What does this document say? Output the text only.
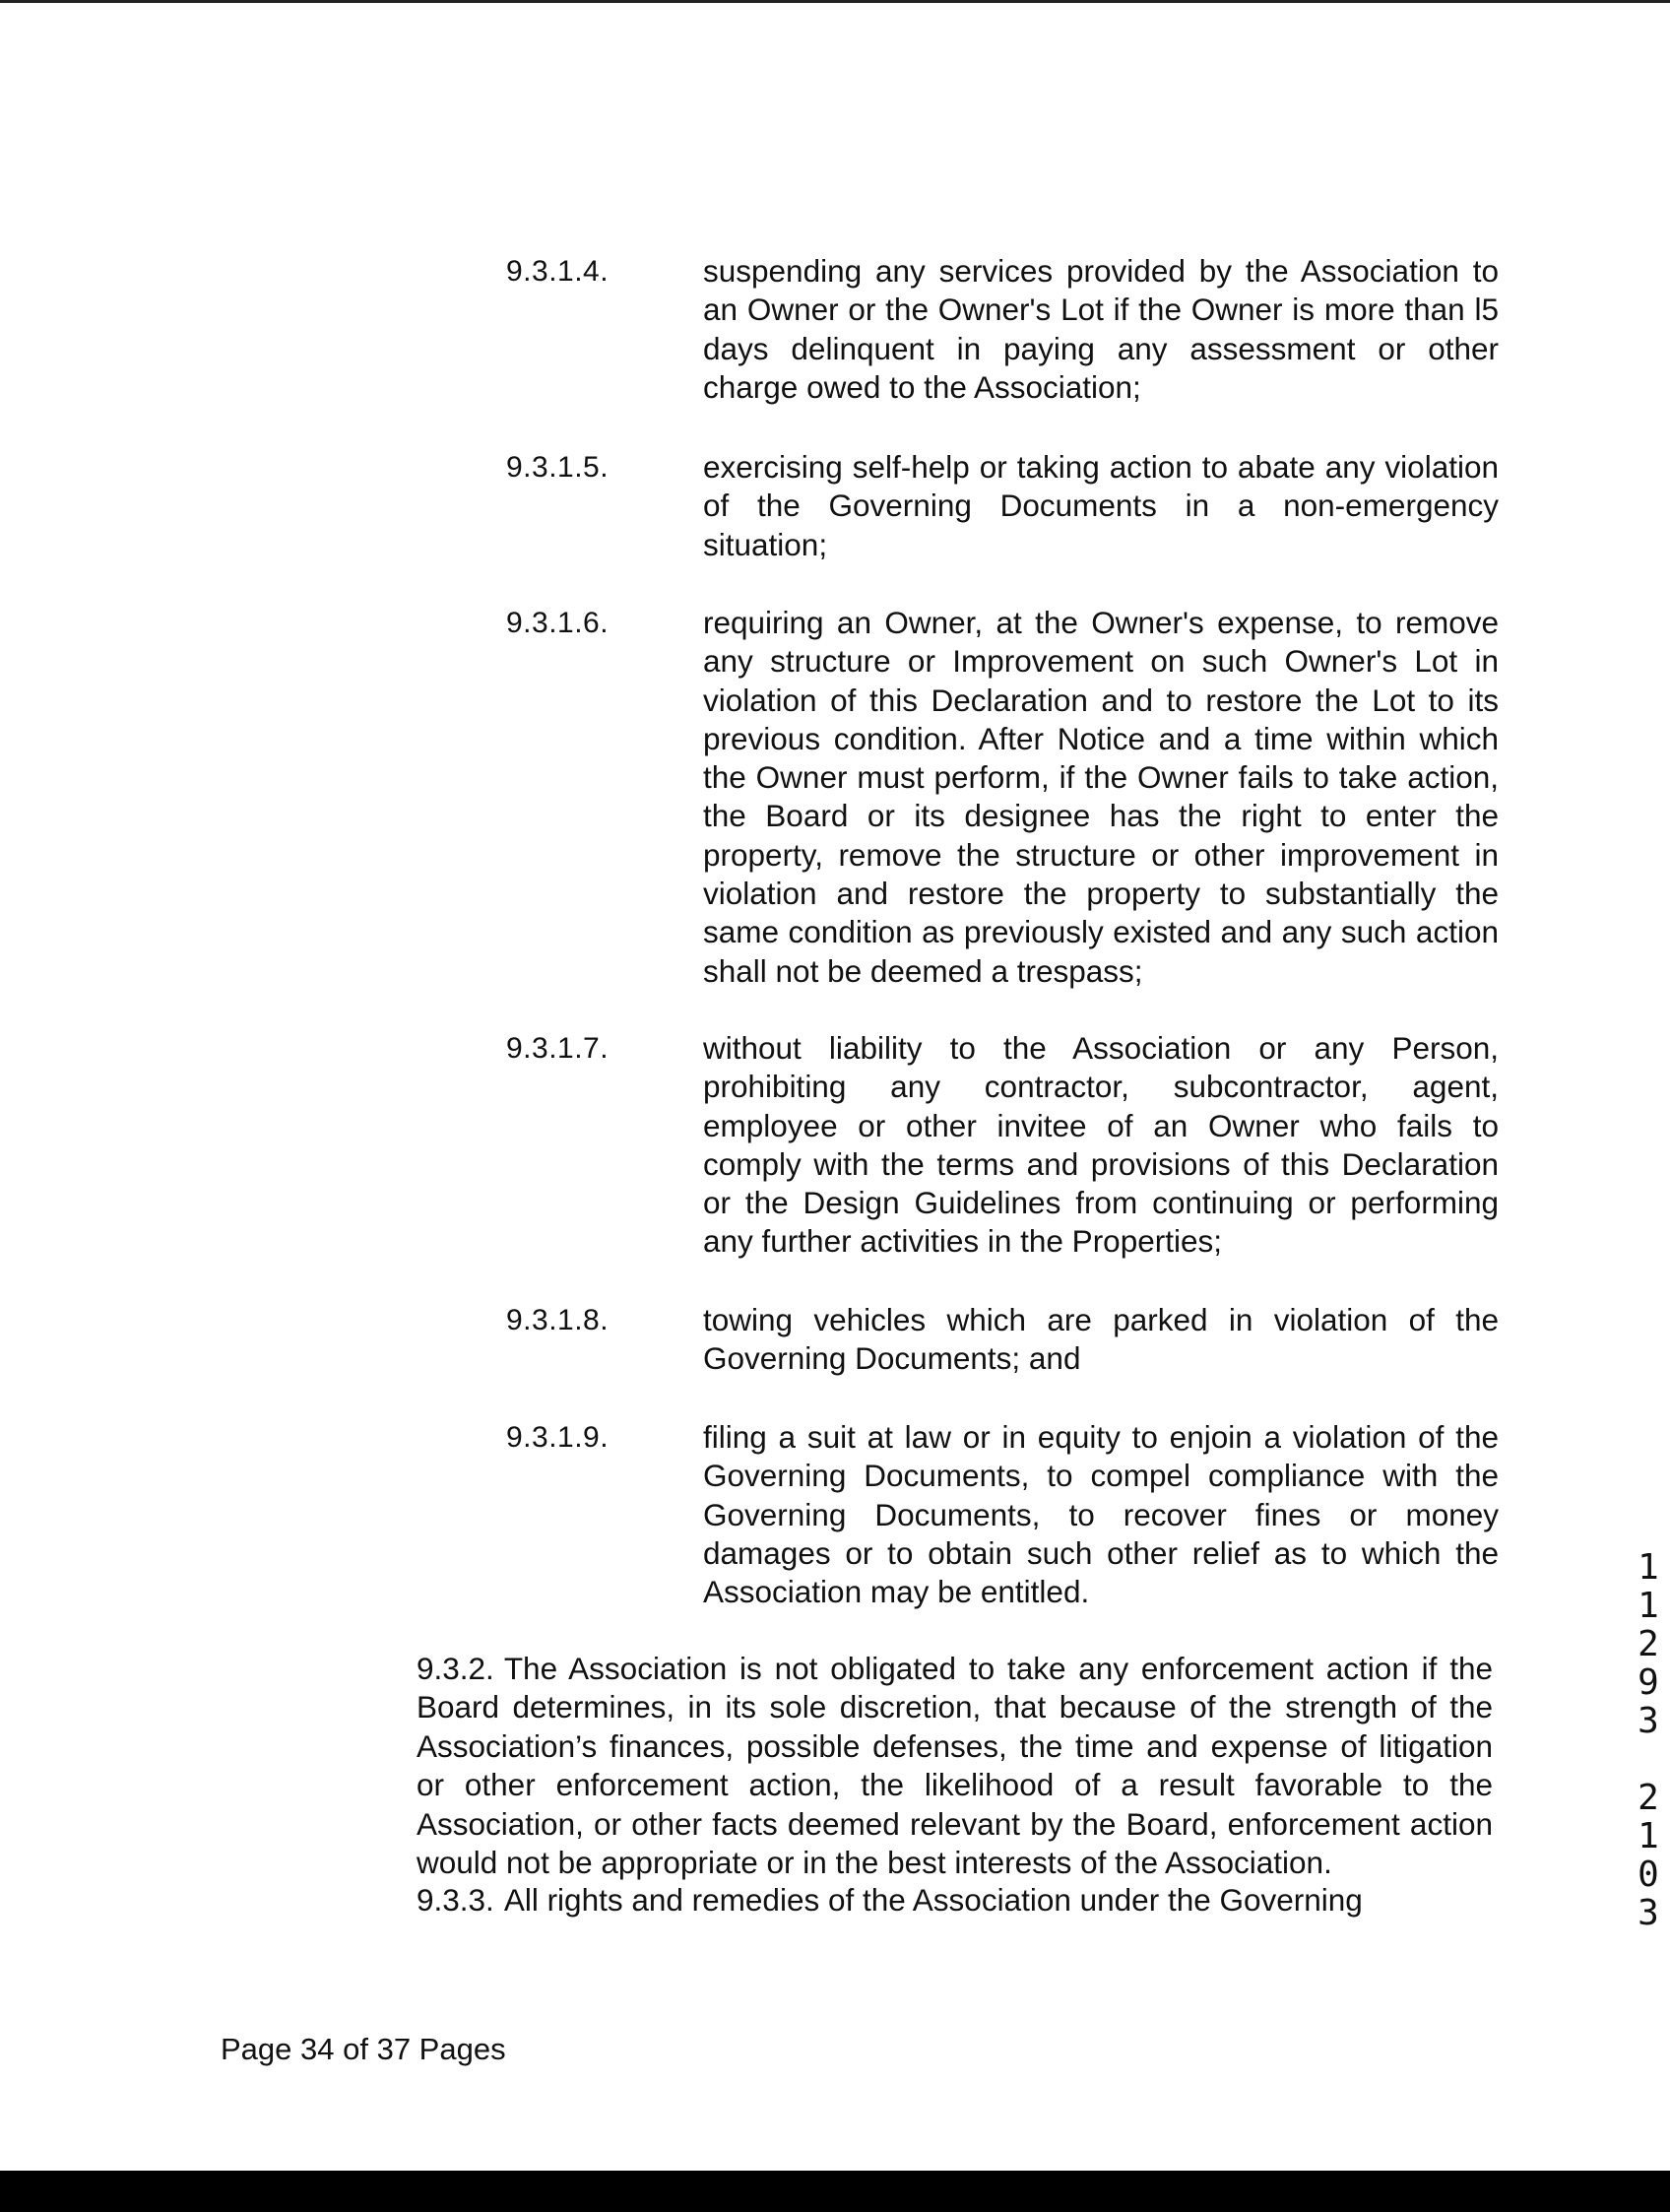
9.3.1.4.	suspending any services provided by the Association to an Owner or the Owner's Lot if the Owner is more than l5 days delinquent in paying any assessment or other charge owed to the Association;
9.3.1.5.	exercising self-help or taking action to abate any violation of the Governing Documents in a non-emergency situation;
9.3.1.6.	requiring an Owner, at the Owner's expense, to remove any structure or Improvement on such Owner's Lot in violation of this Declaration and to restore the Lot to its previous condition. After Notice and a time within which the Owner must perform, if the Owner fails to take action, the Board or its designee has the right to enter the property, remove the structure or other improvement in violation and restore the property to substantially the same condition as previously existed and any such action shall not be deemed a trespass;
9.3.1.7.	without liability to the Association or any Person, prohibiting any contractor, subcontractor, agent, employee or other invitee of an Owner who fails to comply with the terms and provisions of this Declaration or the Design Guidelines from continuing or performing any further activities in the Properties;
9.3.1.8.	towing vehicles which are parked in violation of the Governing Documents; and
9.3.1.9.	filing a suit at law or in equity to enjoin a violation of the Governing Documents, to compel compliance with the Governing Documents, to recover fines or money damages or to obtain such other relief as to which the Association may be entitled.
9.3.2. The Association is not obligated to take any enforcement action if the Board determines, in its sole discretion, that because of the strength of the Association’s finances, possible defenses, the time and expense of litigation or other enforcement action, the likelihood of a result favorable to the Association, or other facts deemed relevant by the Board, enforcement action would not be appropriate or in the best interests of the Association.
9.3.3. All rights and remedies of the Association under the Governing
Page 34 of 37 Pages
1
1
2
9
3
2
1
0
3
